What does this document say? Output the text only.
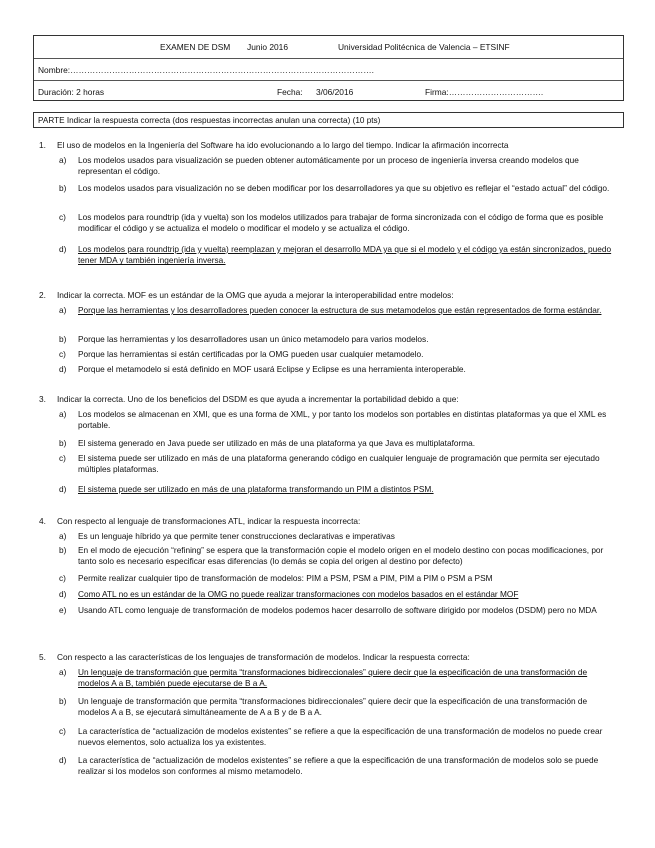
EXAMEN DE DSM Junio 2016	Universidad Politécnica de Valencia – ETSINF
Nombre:……………………………………………………………………………………………….
Duración: 2 horas	Fecha: 3/06/2016	Firma:…………………………….
PARTE Indicar la respuesta correcta (dos respuestas incorrectas anulan una correcta) (10 pts)
1. El uso de modelos en la Ingeniería del Software ha ido evolucionando a lo largo del tiempo. Indicar la afirmación incorrecta
a) Los modelos usados para visualización se pueden obtener automáticamente por un proceso de ingeniería inversa creando modelos que representan el código.
b) Los modelos usados para visualización no se deben modificar por los desarrolladores ya que su objetivo es reflejar el “estado actual” del código.
c) Los modelos para roundtrip (ida y vuelta) son los modelos utilizados para trabajar de forma sincronizada con el código de forma que es posible modificar el código y se actualiza el modelo o modificar el modelo y se actualiza el código.
d) Los modelos para roundtrip (ida y vuelta) reemplazan y mejoran el desarrollo MDA ya que si el modelo y el código ya están sincronizados, puedo tener MDA y también ingeniería inversa.
2. Indicar la correcta. MOF es un estándar de la OMG que ayuda a mejorar la interoperabilidad entre modelos:
a) Porque las herramientas y los desarrolladores pueden conocer la estructura de sus metamodelos que están representados de forma estándar.
b) Porque las herramientas y los desarrolladores usan un único metamodelo para varios modelos.
c) Porque las herramientas si están certificadas por la OMG pueden usar cualquier metamodelo.
d) Porque el metamodelo si está definido en MOF usará Eclipse y Eclipse es una herramienta interoperable.
3. Indicar la correcta. Uno de los beneficios del DSDM es que ayuda a incrementar la portabilidad debido a que:
a) Los modelos se almacenan en XMI, que es una forma de XML, y por tanto los modelos son portables en distintas plataformas ya que el XML es portable.
b) El sistema generado en Java puede ser utilizado en más de una plataforma ya que Java es multiplataforma.
c) El sistema puede ser utilizado en más de una plataforma generando código en cualquier lenguaje de programación que permita ser ejecutado múltiples plataformas.
d) El sistema puede ser utilizado en más de una plataforma transformando un PIM a distintos PSM.
4. Con respecto al lenguaje de transformaciones ATL, indicar la respuesta incorrecta:
a) Es un lenguaje híbrido ya que permite tener construcciones declarativas e imperativas
b) En el modo de ejecución “refining” se espera que la transformación copie el modelo origen en el modelo destino con pocas modificaciones, por tanto solo es necesario especificar esas diferencias (lo demás se copia del origen al destino por defecto)
c) Permite realizar cualquier tipo de transformación de modelos: PIM a PSM, PSM a PIM, PIM a PIM o PSM a PSM
d) Como ATL no es un estándar de la OMG no puede realizar transformaciones con modelos basados en el estándar MOF
e) Usando ATL como lenguaje de transformación de modelos podemos hacer desarrollo de software dirigido por modelos (DSDM) pero no MDA
5. Con respecto a las características de los lenguajes de transformación de modelos. Indicar la respuesta correcta:
a) Un lenguaje de transformación que permita “transformaciones bidireccionales” quiere decir que la especificación de una transformación de modelos A a B, también puede ejecutarse de B a A.
b) Un lenguaje de transformación que permita “transformaciones bidireccionales” quiere decir que la especificación de una transformación de modelos A a B, se ejecutará simultáneamente de A a B y de B a A.
c) La característica de “actualización de modelos existentes” se refiere a que la especificación de una transformación de modelos no puede crear nuevos elementos, solo actualiza los ya existentes.
d) La característica de “actualización de modelos existentes” se refiere a que la especificación de una transformación de modelos solo se puede realizar si los modelos son conformes al mismo metamodelo.
